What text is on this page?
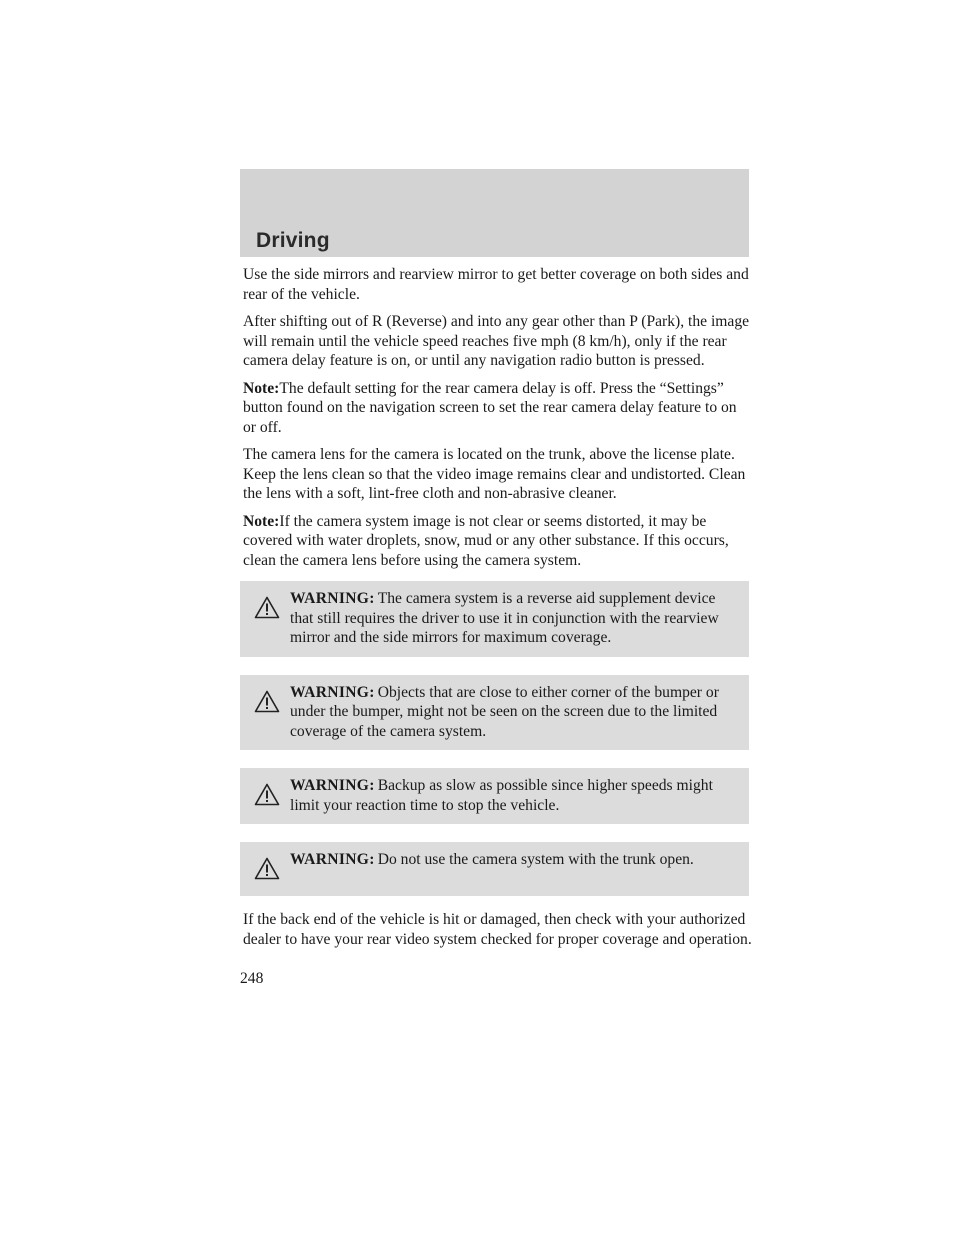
Driving

Use the side mirrors and rearview mirror to get better coverage on both sides and rear of the vehicle.

After shifting out of R (Reverse) and into any gear other than P (Park), the image will remain until the vehicle speed reaches five mph (8 km/h), only if the rear camera delay feature is on, or until any navigation radio button is pressed.

Note:The default setting for the rear camera delay is off. Press the “Settings” button found on the navigation screen to set the rear camera delay feature to on or off.

The camera lens for the camera is located on the trunk, above the license plate. Keep the lens clean so that the video image remains clear and undistorted. Clean the lens with a soft, lint-free cloth and non-abrasive cleaner.

Note:If the camera system image is not clear or seems distorted, it may be covered with water droplets, snow, mud or any other substance. If this occurs, clean the camera lens before using the camera system.

WARNING: The camera system is a reverse aid supplement device that still requires the driver to use it in conjunction with the rearview mirror and the side mirrors for maximum coverage.
WARNING: Objects that are close to either corner of the bumper or under the bumper, might not be seen on the screen due to the limited coverage of the camera system.
WARNING: Backup as slow as possible since higher speeds might limit your reaction time to stop the vehicle.
WARNING: Do not use the camera system with the trunk open.

If the back end of the vehicle is hit or damaged, then check with your authorized dealer to have your rear video system checked for proper coverage and operation.

248
